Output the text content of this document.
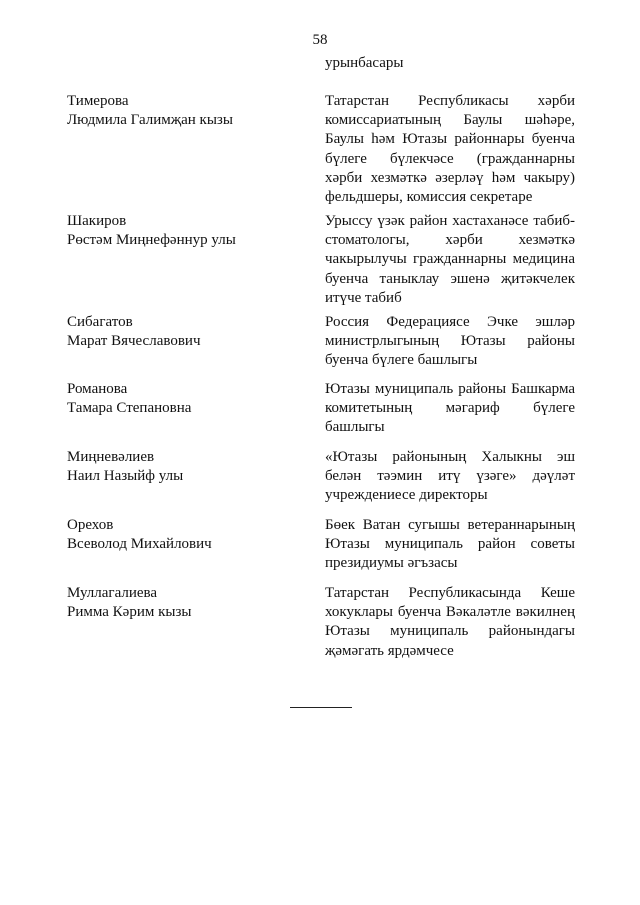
58
урынбасары
Тимерова
Людмила Галимҗан кызы
Татарстан Республикасы хәрби комиссариатының Баулы шәһәре, Баулы һәм Ютазы районнары буенча бүлеге бүлекчәсе (гражданнарны хәрби хезмәткә әзерләү һәм чакыру) фельдшеры, комиссия секретаре
Шакиров
Рөстәм Миңнефәннур улы
Урыссу үзәк район хастаханәсе табиб-стоматологы, хәрби хезмәткә чакырылучы гражданнарны медицина буенча таныклау эшенә җитәкчелек итүче табиб
Сибагатов
Марат Вячеславович
Россия Федерациясе Эчке эшләр министрлыгының Ютазы районы буенча бүлеге башлыгы
Романова
Тамара Степановна
Ютазы муниципаль районы Башкарма комитетының мәгариф бүлеге башлыгы
Миңневәлиев
Наил Назыйф улы
«Ютазы районының Халыкны эш белән тәэмин итү үзәге» дәүләт учреждениесе директоры
Орехов
Всеволод Михайлович
Бөек Ватан сугышы ветераннарының Ютазы муниципаль район советы президиумы әгъзасы
Муллагалиева
Римма Кәрим кызы
Татарстан Республикасында Кеше хокуклары буенча Вәкаләтле вәкилнең Ютазы муниципаль районындагы җәмәгать ярдәмчесе
